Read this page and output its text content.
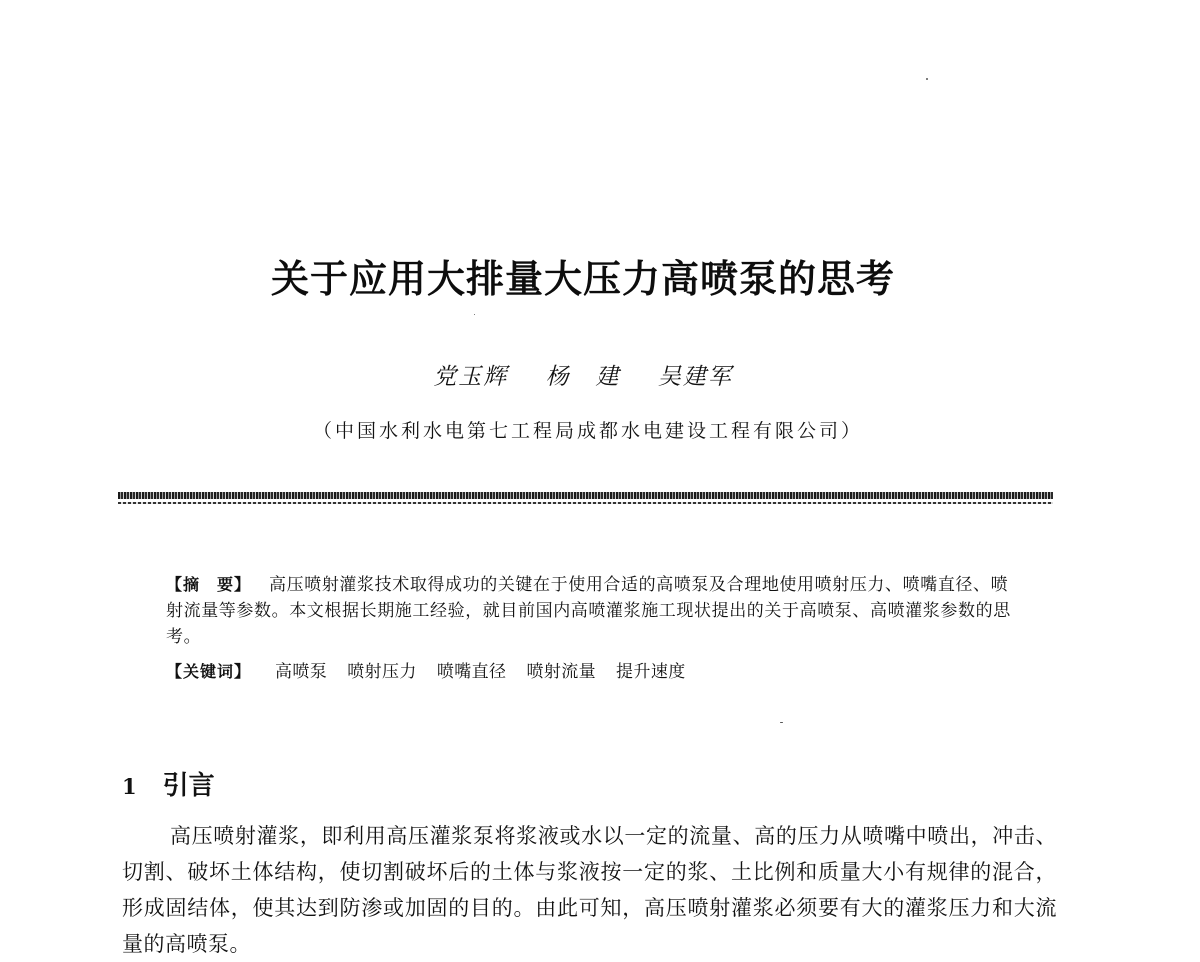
关于应用大排量大压力高喷泵的思考
党玉辉 杨　建 吴建军
（中国水利水电第七工程局成都水电建设工程有限公司）

【摘　要】 高压喷射灌浆技术取得成功的关键在于使用合适的高喷泵及合理地使用喷射压力、喷嘴直径、喷射流量等参数。本文根据长期施工经验，就目前国内高喷灌浆施工现状提出的关于高喷泵、高喷灌浆参数的思考。

【关键词】 高喷泵 喷射压力 喷嘴直径 喷射流量 提升速度
1 引言
高压喷射灌浆，即利用高压灌浆泵将浆液或水以一定的流量、高的压力从喷嘴中喷出，冲击、切割、破坏土体结构，使切割破坏后的土体与浆液按一定的浆、土比例和质量大小有规律的混合，形成固结体，使其达到防渗或加固的目的。由此可知，高压喷射灌浆必须要有大的灌浆压力和大流量的高喷泵。
